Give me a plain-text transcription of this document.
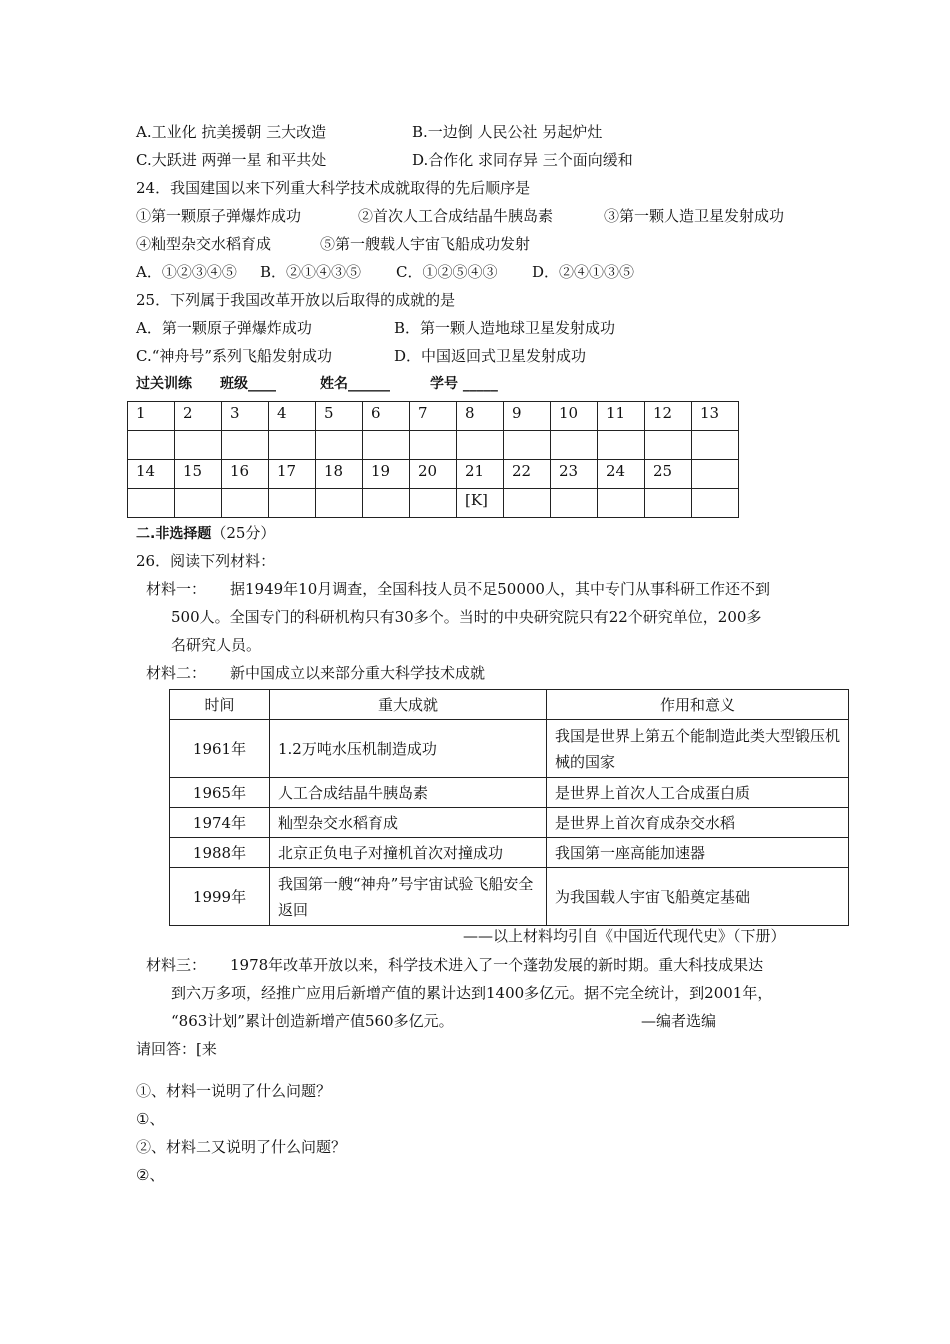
A.工业化 抗美援朝 三大改造	B.一边倒 人民公社 另起炉灶
C.大跃进 两弹一星 和平共处	D.合作化 求同存异 三个面向缓和
24．我国建国以来下列重大科学技术成就取得的先后顺序是
①第一颗原子弹爆炸成功	②首次人工合成结晶牛胰岛素	③第一颗人造卫星发射成功
④籼型杂交水稻育成	⑤第一艘载人宇宙飞船成功发射
A．①②③④⑤ B．②①④③⑤ C．①②⑤④③ D．②④①③⑤
25．下列属于我国改革开放以后取得的成就的是
A．第一颗原子弹爆炸成功	B．第一颗人造地球卫星发射成功
C.“神舟号”系列飞船发射成功	D．中国返回式卫星发射成功
过关训练 班级____	姓名______	学号 _____
1	2	3	4	5	6	7	8	9	10	11	12	13

14	15	16	17	18	19	20	21	22	23	24	25	
							[K]					
二.非选择题（25分）
26．阅读下列材料：
材料一： 据1949年10月调查，全国科技人员不足50000人，其中专门从事科研工作还不到
500人。全国专门的科研机构只有30多个。当时的中央研究院只有22个研究单位，200多
名研究人员。
材料二： 新中国成立以来部分重大科学技术成就
时间	重大成就	作用和意义
1961年	1.2万吨水压机制造成功	我国是世界上第五个能制造此类大型锻压机械的国家
1965年	人工合成结晶牛胰岛素	是世界上首次人工合成蛋白质
1974年	籼型杂交水稻育成	是世界上首次育成杂交水稻
1988年	北京正负电子对撞机首次对撞成功	我国第一座高能加速器
1999年	我国第一艘“神舟”号宇宙试验飞船安全返回	为我国载人宇宙飞船奠定基础
——以上材料均引自《中国近代现代史》（下册）
材料三： 1978年改革开放以来，科学技术进入了一个蓬勃发展的新时期。重大科技成果达
到六万多项，经推广应用后新增产值的累计达到1400多亿元。据不完全统计，到2001年，
“863计划”累计创造新增产值560多亿元。	—编者选编
请回答：[来
①、材料一说明了什么问题？
①、
②、材料二又说明了什么问题？
②、
